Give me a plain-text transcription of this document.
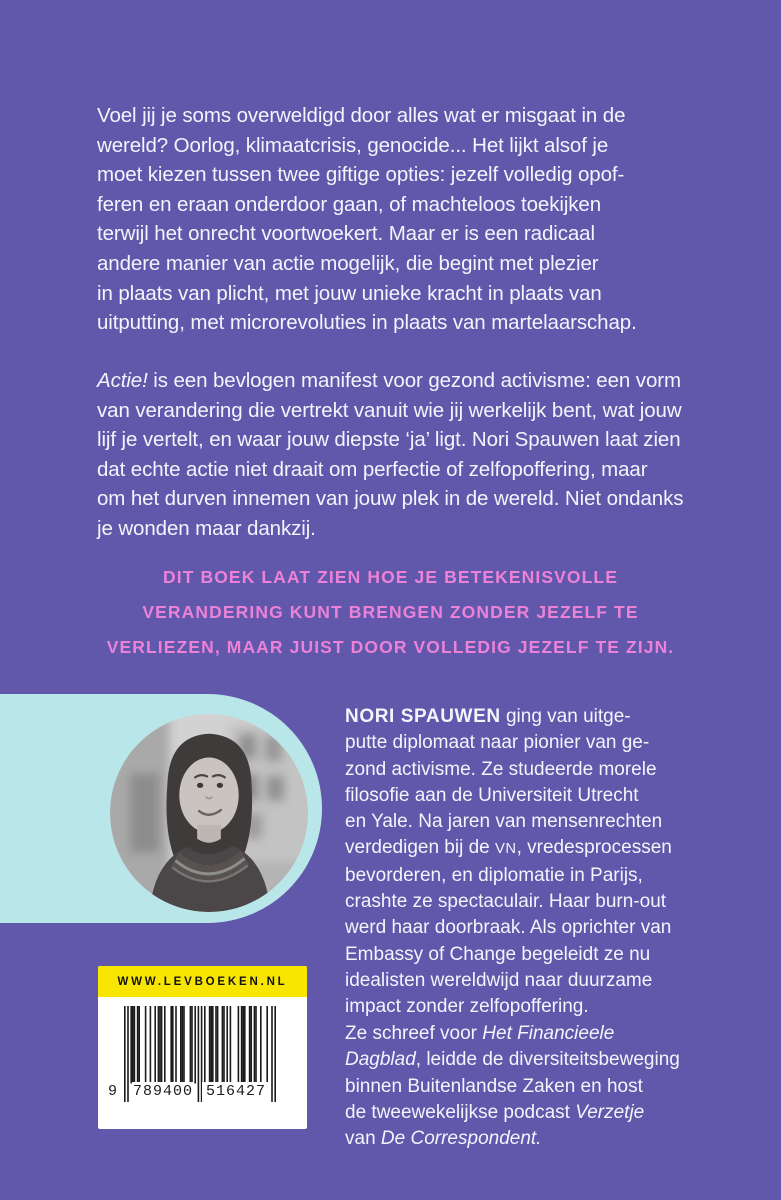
Voel jij je soms overweldigd door alles wat er misgaat in de
wereld? Oorlog, klimaatcrisis, genocide... Het lijkt alsof je
moet kiezen tussen twee giftige opties: jezelf volledig opof-
feren en eraan onderdoor gaan, of machteloos toekijken
terwijl het onrecht voortwoekert. Maar er is een radicaal
andere manier van actie mogelijk, die begint met plezier
in plaats van plicht, met jouw unieke kracht in plaats van
uitputting, met microrevoluties in plaats van martelaarschap.
Actie! is een bevlogen manifest voor gezond activisme: een vorm
van verandering die vertrekt vanuit wie jij werkelijk bent, wat jouw
lijf je vertelt, en waar jouw diepste ‘ja’ ligt. Nori Spauwen laat zien
dat echte actie niet draait om perfectie of zelfopoffering, maar
om het durven innemen van jouw plek in de wereld. Niet ondanks
je wonden maar dankzij.
DIT BOEK LAAT ZIEN HOE JE BETEKENISVOLLE
VERANDERING KUNT BRENGEN ZONDER JEZELF TE
VERLIEZEN, MAAR JUIST DOOR VOLLEDIG JEZELF TE ZIJN.
NORI SPAUWEN ging van uitge-
putte diplomaat naar pionier van ge-
zond activisme. Ze studeerde morele
filosofie aan de Universiteit Utrecht
en Yale. Na jaren van mensenrechten
verdedigen bij de VN, vredesprocessen
bevorderen, en diplomatie in Parijs,
crashte ze spectaculair. Haar burn-out
werd haar doorbraak. Als oprichter van
Embassy of Change begeleidt ze nu
idealisten wereldwijd naar duurzame
impact zonder zelfopoffering.
Ze schreef voor Het Financieele
Dagblad, leidde de diversiteitsbeweging
binnen Buitenlandse Zaken en host
de tweewekelijkse podcast Verzetje
van De Correspondent.
WWW.LEVBOEKEN.NL
9 789400 516427
